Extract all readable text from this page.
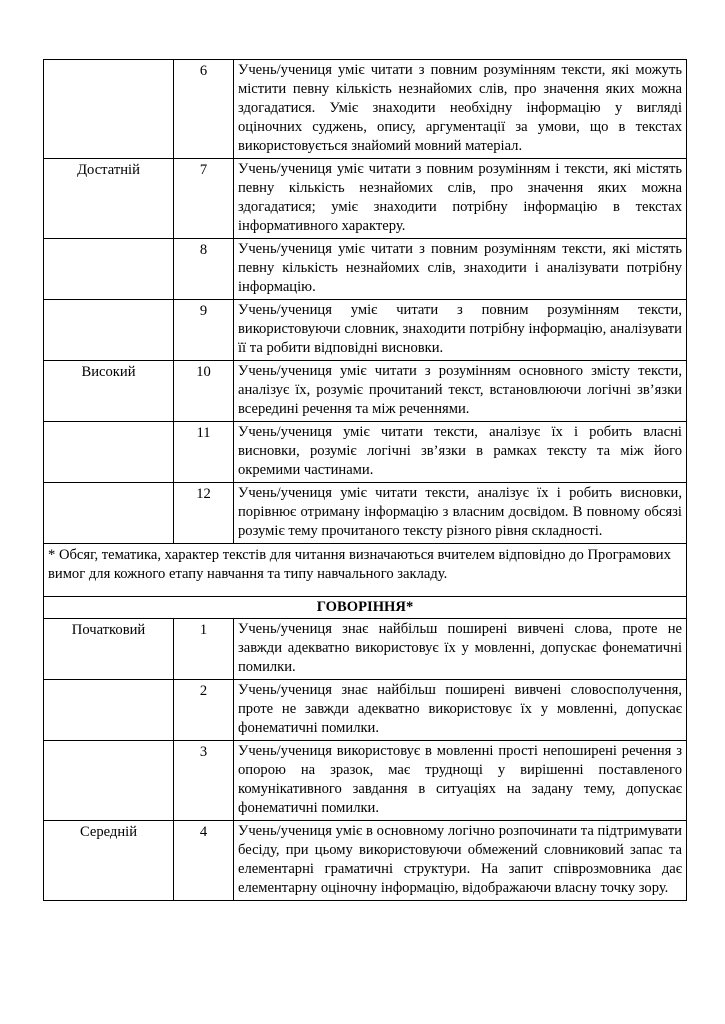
	6	Учень/учениця уміє читати з повним розумінням тексти, які можуть містити певну кількість незнайомих слів, про значення яких можна здогадатися. Уміє знаходити необхідну інформацію у вигляді оціночних суджень, опису, аргументації за умови, що в текстах використовується знайомий мовний матеріал.
Достатній	7	Учень/учениця уміє читати з повним розумінням і тексти, які містять певну кількість незнайомих слів, про значення яких можна здогадатися; уміє знаходити потрібну інформацію в текстах інформативного характеру.
	8	Учень/учениця уміє читати з повним розумінням тексти, які містять певну кількість незнайомих слів, знаходити і аналізувати потрібну інформацію.
	9	Учень/учениця уміє читати з повним розумінням тексти, використовуючи словник, знаходити потрібну інформацію, аналізувати її та робити відповідні висновки.
Високий	10	Учень/учениця уміє читати з розумінням основного змісту тексти, аналізує їх, розуміє прочитаний текст, встановлюючи логічні зв’язки всередині речення та між реченнями.
	11	Учень/учениця уміє читати тексти, аналізує їх і робить власні висновки, розуміє логічні зв’язки в рамках тексту та між його окремими частинами.
	12	Учень/учениця уміє читати тексти, аналізує їх і робить висновки, порівнює отриману інформацію з власним досвідом. В повному обсязі розуміє тему прочитаного тексту різного рівня складності.
* Обсяг, тематика, характер текстів для читання визначаються вчителем відповідно до Програмових вимог для кожного етапу навчання та типу навчального закладу.		
ГОВОРІННЯ*		
Початковий	1	Учень/учениця знає найбільш поширені вивчені слова, проте не завжди адекватно використовує їх у мовленні, допускає фонематичні помилки.
	2	Учень/учениця знає найбільш поширені вивчені словосполучення, проте не завжди адекватно використовує їх у мовленні, допускає фонематичні помилки.
	3	Учень/учениця використовує в мовленні прості непоширені речення з опорою на зразок, має труднощі у вирішенні поставленого комунікативного завдання в ситуаціях на задану тему, допускає фонематичні помилки.
Середній	4	Учень/учениця уміє в основному логічно розпочинати та підтримувати бесіду, при цьому використовуючи обмежений словниковий запас та елементарні граматичні структури. На запит співрозмовника дає елементарну оціночну інформацію, відображаючи власну точку зору.
